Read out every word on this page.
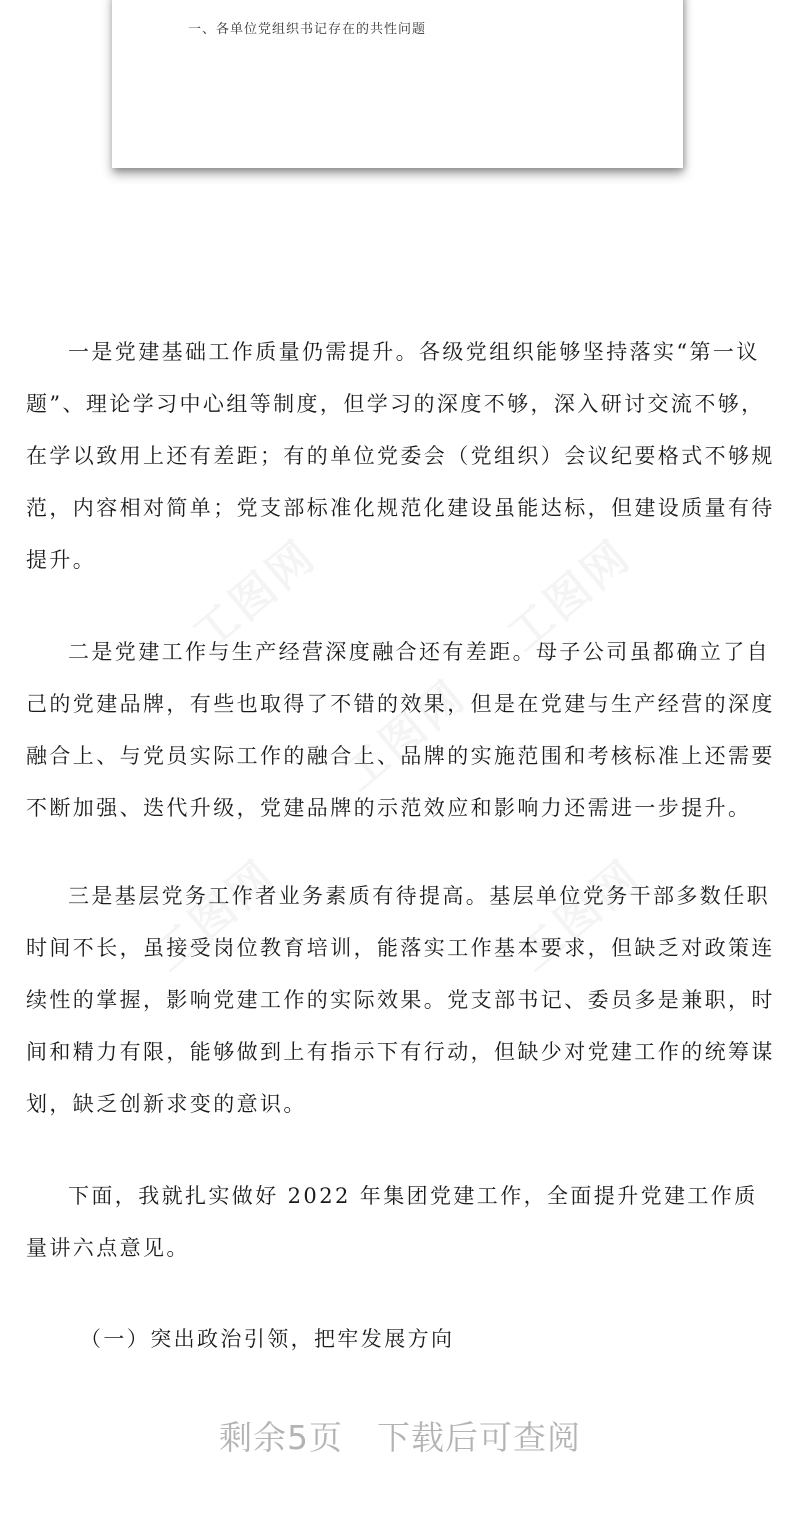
一、各单位党组织书记存在的共性问题

一是党建基础工作质量仍需提升。各级党组织能够坚持落实“第一议题”、理论学习中心组等制度，但学习的深度不够，深入研讨交流不够，在学以致用上还有差距；有的单位党委会（党组织）会议纪要格式不够规范，内容相对简单；党支部标准化规范化建设虽能达标，但建设质量有待提升。

二是党建工作与生产经营深度融合还有差距。母子公司虽都确立了自己的党建品牌，有些也取得了不错的效果，但是在党建与生产经营的深度融合上、与党员实际工作的融合上、品牌的实施范围和考核标准上还需要不断加强、迭代升级，党建品牌的示范效应和影响力还需进一步提升。

三是基层党务工作者业务素质有待提高。基层单位党务干部多数任职时间不长，虽接受岗位教育培训，能落实工作基本要求，但缺乏对政策连续性的掌握，影响党建工作的实际效果。党支部书记、委员多是兼职，时间和精力有限，能够做到上有指示下有行动，但缺少对党建工作的统筹谋划，缺乏创新求变的意识。

下面，我就扎实做好 2022 年集团党建工作，全面提升党建工作质量讲六点意见。

（一）突出政治引领，把牢发展方向
剩余5页　下载后可查阅
